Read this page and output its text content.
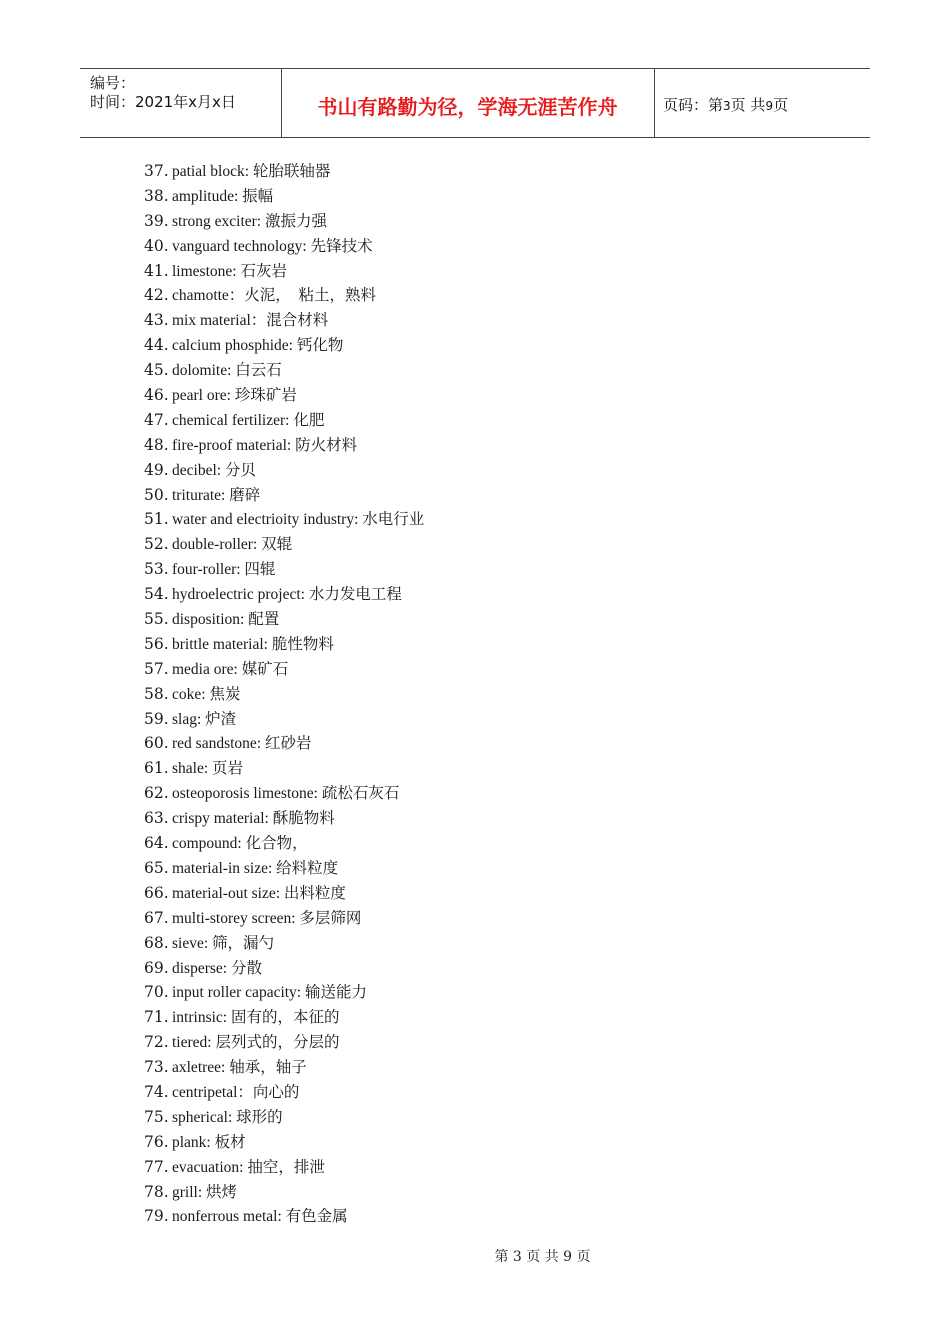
编号：
时间：2021年x月x日	书山有路勤为径，学海无涯苦作舟	页码：第3页 共9页
37. patial block: 轮胎联轴器
38. amplitude: 振幅
39. strong exciter: 激振力强
40. vanguard technology: 先锋技术
41. limestone: 石灰岩
42. chamotte：火泥，　粘土，熟料
43. mix material：混合材料
44. calcium phosphide: 钙化物
45. dolomite: 白云石
46. pearl ore: 珍珠矿岩
47. chemical fertilizer: 化肥
48. fire-proof material: 防火材料
49. decibel: 分贝
50. triturate: 磨碎
51. water and electrioity industry: 水电行业
52. double-roller: 双辊
53. four-roller: 四辊
54. hydroelectric project: 水力发电工程
55. disposition: 配置
56. brittle material: 脆性物料
57. media ore: 媒矿石
58. coke: 焦炭
59. slag: 炉渣
60. red sandstone: 红砂岩
61. shale: 页岩
62. osteoporosis limestone: 疏松石灰石
63. crispy material: 酥脆物料
64. compound: 化合物，
65. material-in size: 给料粒度
66. material-out size: 出料粒度
67. multi-storey screen: 多层筛网
68. sieve: 筛，漏勺
69. disperse: 分散
70. input roller capacity: 输送能力
71. intrinsic: 固有的，本征的
72. tiered: 层列式的，分层的
73. axletree: 轴承，轴子
74. centripetal：向心的
75. spherical: 球形的
76. plank: 板材
77. evacuation: 抽空，排泄
78. grill: 烘烤
79. nonferrous metal: 有色金属
第 3 页 共 9 页
